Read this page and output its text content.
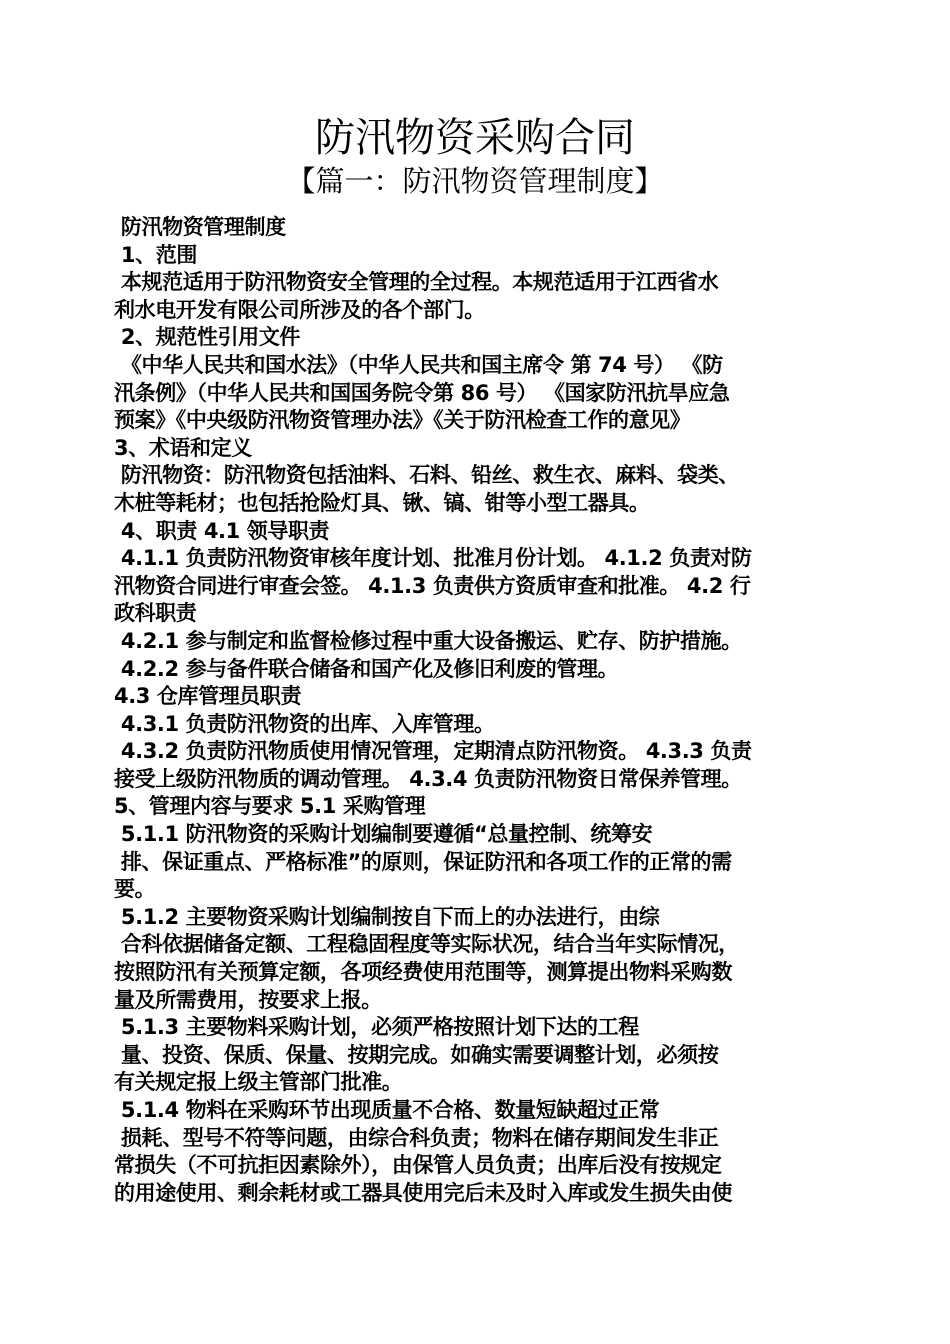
防汛物资采购合同
【篇一：防汛物资管理制度】
防汛物资管理制度
1、范围
本规范适用于防汛物资安全管理的全过程。本规范适用于江西省水
利水电开发有限公司所涉及的各个部门。
2、规范性引用文件
《中华人民共和国水法》（中华人民共和国主席令 第 74 号） 《防
汛条例》（中华人民共和国国务院令第 86 号） 《国家防汛抗旱应急
预案》《中央级防汛物资管理办法》《关于防汛检查工作的意见》
3、术语和定义
防汛物资：防汛物资包括油料、石料、铅丝、救生衣、麻料、袋类、
木桩等耗材；也包括抢险灯具、锹、镐、钳等小型工器具。
4、职责 4.1 领导职责
4.1.1 负责防汛物资审核年度计划、批准月份计划。 4.1.2 负责对防
汛物资合同进行审查会签。 4.1.3 负责供方资质审查和批准。 4.2 行
政科职责
4.2.1 参与制定和监督检修过程中重大设备搬运、贮存、防护措施。
4.2.2 参与备件联合储备和国产化及修旧利废的管理。
4.3 仓库管理员职责
4.3.1 负责防汛物资的出库、入库管理。
4.3.2 负责防汛物质使用情况管理，定期清点防汛物资。 4.3.3 负责
接受上级防汛物质的调动管理。 4.3.4 负责防汛物资日常保养管理。
5、管理内容与要求 5.1 采购管理
5.1.1 防汛物资的采购计划编制要遵循“总量控制、统筹安
排、保证重点、严格标准”的原则，保证防汛和各项工作的正常的需
要。
5.1.2 主要物资采购计划编制按自下而上的办法进行，由综
合科依据储备定额、工程稳固程度等实际状况，结合当年实际情况，
按照防汛有关预算定额，各项经费使用范围等，测算提出物料采购数
量及所需费用，按要求上报。
5.1.3 主要物料采购计划，必须严格按照计划下达的工程
量、投资、保质、保量、按期完成。如确实需要调整计划，必须按
有关规定报上级主管部门批准。
5.1.4 物料在采购环节出现质量不合格、数量短缺超过正常
损耗、型号不符等问题，由综合科负责；物料在储存期间发生非正
常损失（不可抗拒因素除外），由保管人员负责；出库后没有按规定
的用途使用、剩余耗材或工器具使用完后未及时入库或发生损失由使
